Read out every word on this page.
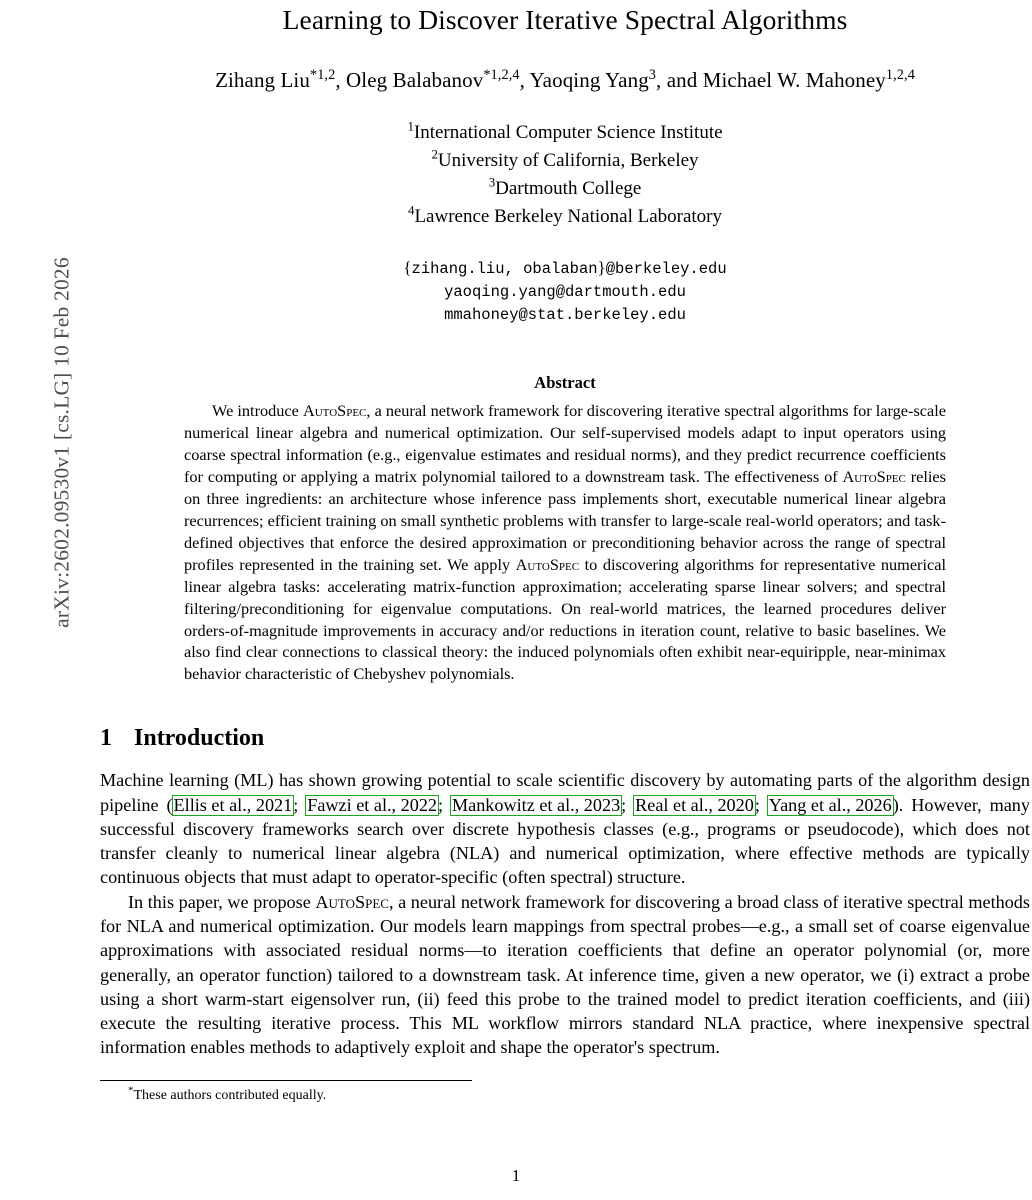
arXiv:2602.09530v1 [cs.LG] 10 Feb 2026
Learning to Discover Iterative Spectral Algorithms
Zihang Liu$^{*1,2}$, Oleg Balabanov$^{*1,2,4}$, Yaoqing Yang$^3$, and Michael W. Mahoney$^{1,2,4}$
$^1$International Computer Science Institute
$^2$University of California, Berkeley
$^3$Dartmouth College
$^4$Lawrence Berkeley National Laboratory
{zihang.liu, obalaban}@berkeley.edu
yaoqing.yang@dartmouth.edu
mmahoney@stat.berkeley.edu
Abstract
We introduce AutoSpec, a neural network framework for discovering iterative spectral algorithms for large-scale numerical linear algebra and numerical optimization. Our self-supervised models adapt to input operators using coarse spectral information (e.g., eigenvalue estimates and residual norms), and they predict recurrence coefficients for computing or applying a matrix polynomial tailored to a downstream task. The effectiveness of AutoSpec relies on three ingredients: an architecture whose inference pass implements short, executable numerical linear algebra recurrences; efficient training on small synthetic problems with transfer to large-scale real-world operators; and task-defined objectives that enforce the desired approximation or preconditioning behavior across the range of spectral profiles represented in the training set. We apply AutoSpec to discovering algorithms for representative numerical linear algebra tasks: accelerating matrix-function approximation; accelerating sparse linear solvers; and spectral filtering/preconditioning for eigenvalue computations. On real-world matrices, the learned procedures deliver orders-of-magnitude improvements in accuracy and/or reductions in iteration count, relative to basic baselines. We also find clear connections to classical theory: the induced polynomials often exhibit near-equiripple, near-minimax behavior characteristic of Chebyshev polynomials.
1 Introduction

Machine learning (ML) has shown growing potential to scale scientific discovery by automating parts of the algorithm design pipeline (Ellis et al., 2021; Fawzi et al., 2022; Mankowitz et al., 2023; Real et al., 2020; Yang et al., 2026). However, many successful discovery frameworks search over discrete hypothesis classes (e.g., programs or pseudocode), which does not transfer cleanly to numerical linear algebra (NLA) and numerical optimization, where effective methods are typically continuous objects that must adapt to operator-specific (often spectral) structure.

In this paper, we propose AutoSpec, a neural network framework for discovering a broad class of iterative spectral methods for NLA and numerical optimization. Our models learn mappings from spectral probes—e.g., a small set of coarse eigenvalue approximations with associated residual norms—to iteration coefficients that define an operator polynomial (or, more generally, an operator function) tailored to a downstream task. At inference time, given a new operator, we (i) extract a probe using a short warm-start eigensolver run, (ii) feed this probe to the trained model to predict iteration coefficients, and (iii) execute the resulting iterative process. This ML workflow mirrors standard NLA practice, where inexpensive spectral information enables methods to adaptively exploit and shape the operator's spectrum.

*These authors contributed equally.
1
